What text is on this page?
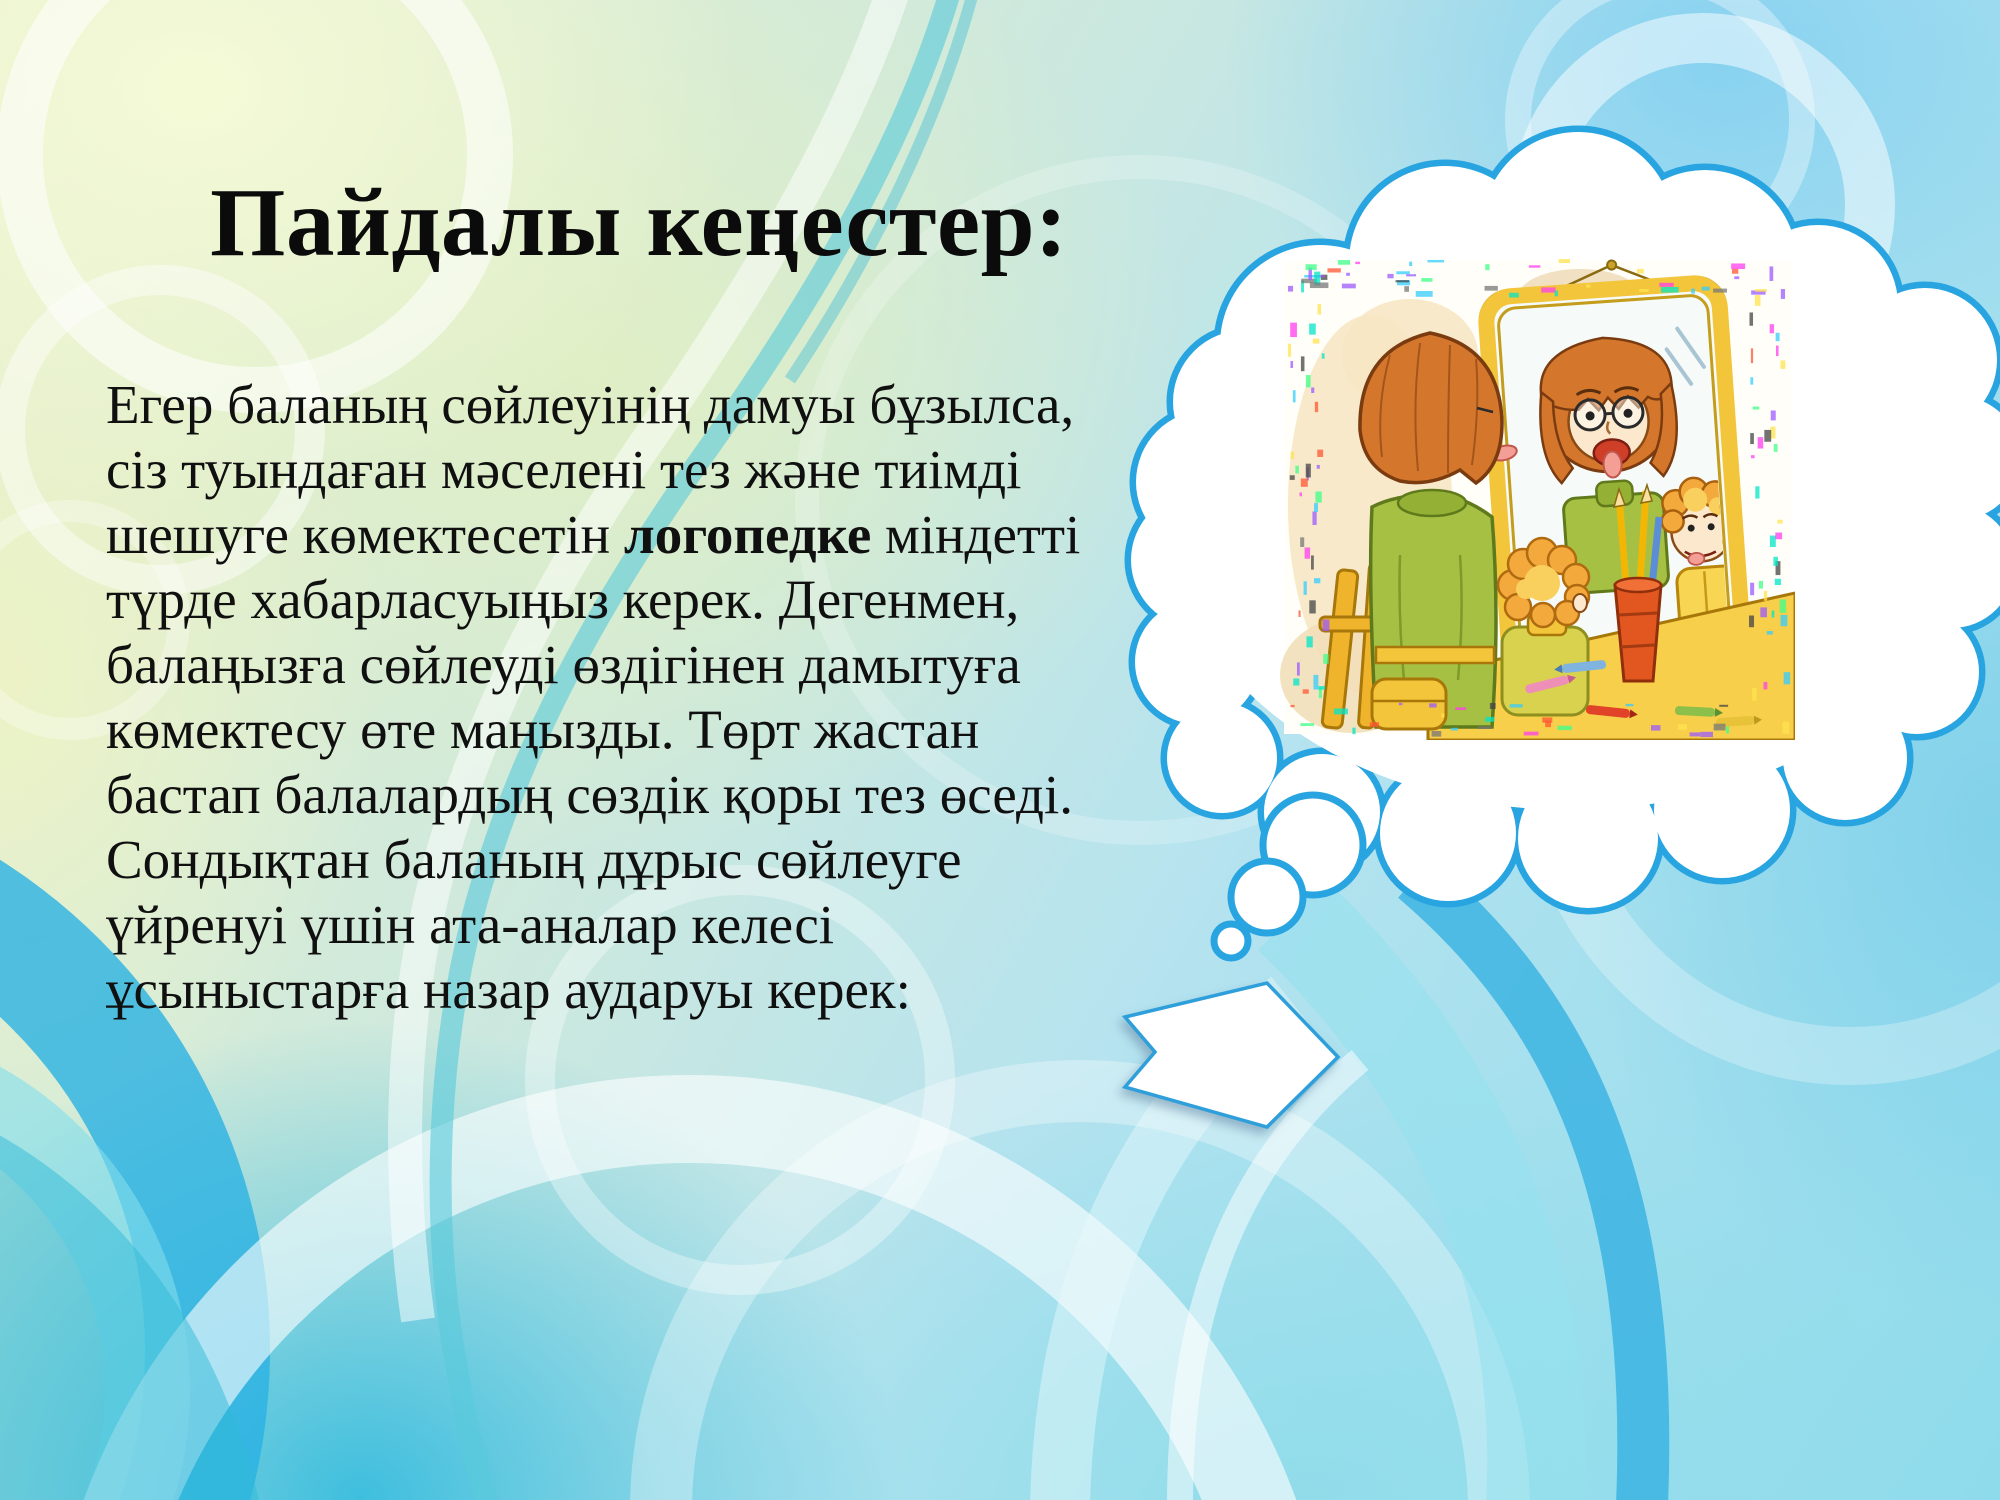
Пайдалы кеңестер:
Егер баланың сөйлеуінің дамуы бұзылса,
сіз туындаған мәселені тез және тиімді
шешуге көмектесетін логопедке міндетті
түрде хабарласуыңыз керек. Дегенмен,
балаңызға сөйлеуді өздігінен дамытуға
көмектесу өте маңызды. Төрт жастан
бастап балалардың сөздік қоры тез өседі.
Сондықтан баланың дұрыс сөйлеуге
үйренуі үшін ата-аналар келесі
ұсыныстарға назар аударуы керек:
